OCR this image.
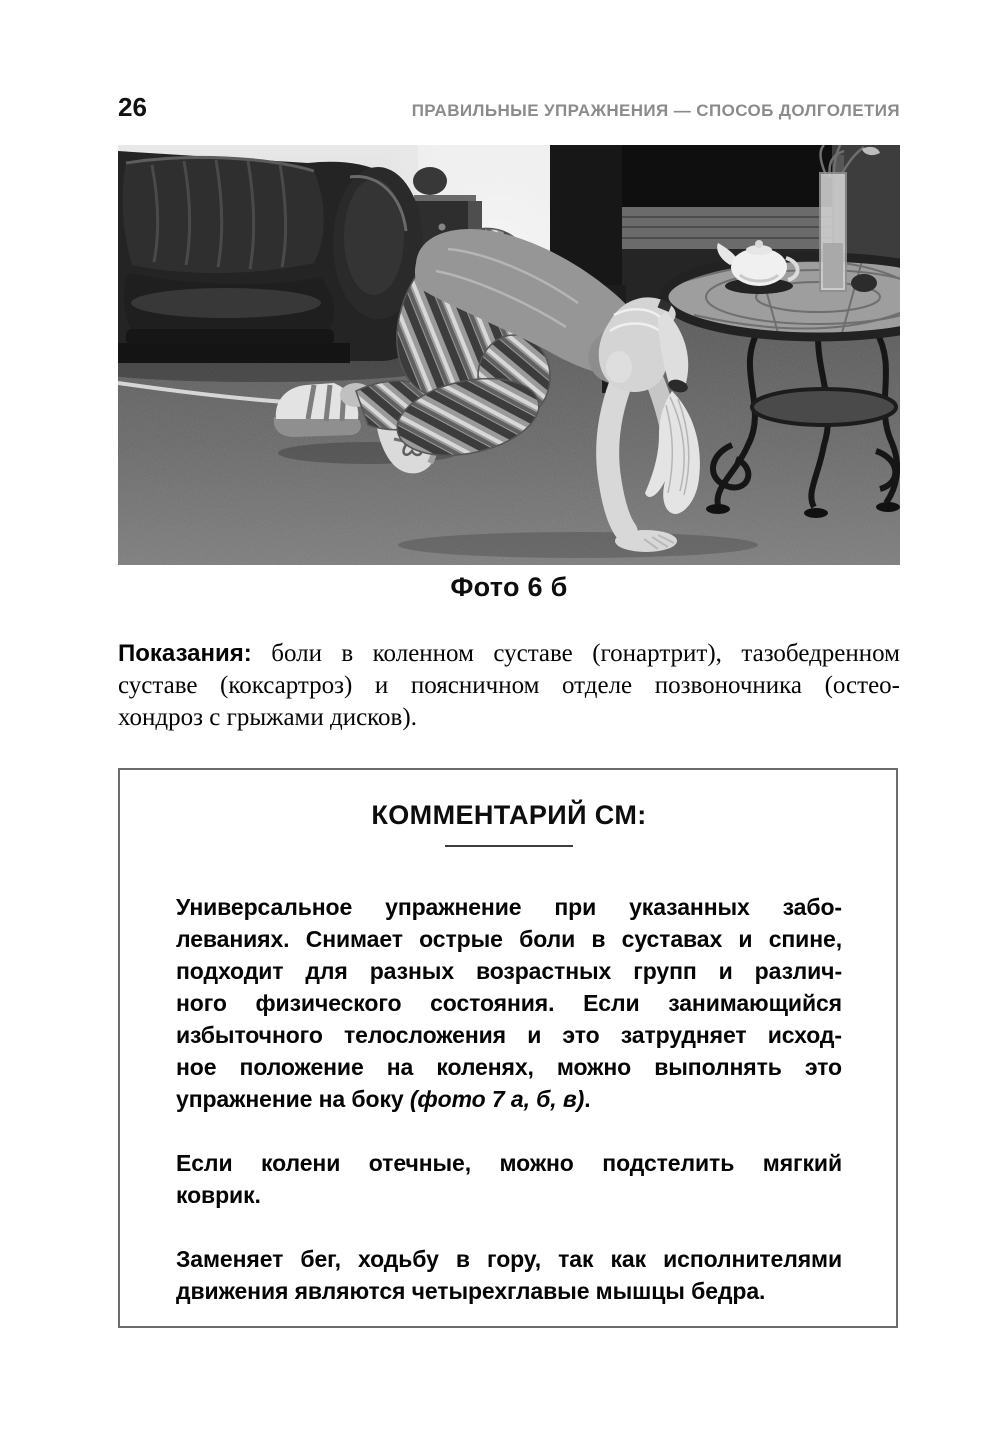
26	ПРАВИЛЬНЫЕ УПРАЖНЕНИЯ — СПОСОБ ДОЛГОЛЕТИЯ
Фото 6 б
Показания: боли в коленном суставе (гонартрит), тазобедренном
суставе (коксартроз) и поясничном отделе позвоночника (остео-
хондроз с грыжами дисков).
КОММЕНТАРИЙ СМ:
Универсальное упражнение при указанных забо-
леваниях. Снимает острые боли в суставах и спине,
подходит для разных возрастных групп и различ-
ного физического состояния. Если занимающийся
избыточного телосложения и это затрудняет исход-
ное положение на коленях, можно выполнять это
упражнение на боку (фото 7 а, б, в).
Если колени отечные, можно подстелить мягкий
коврик.
Заменяет бег, ходьбу в гору, так как исполнителями
движения являются четырехглавые мышцы бедра.
